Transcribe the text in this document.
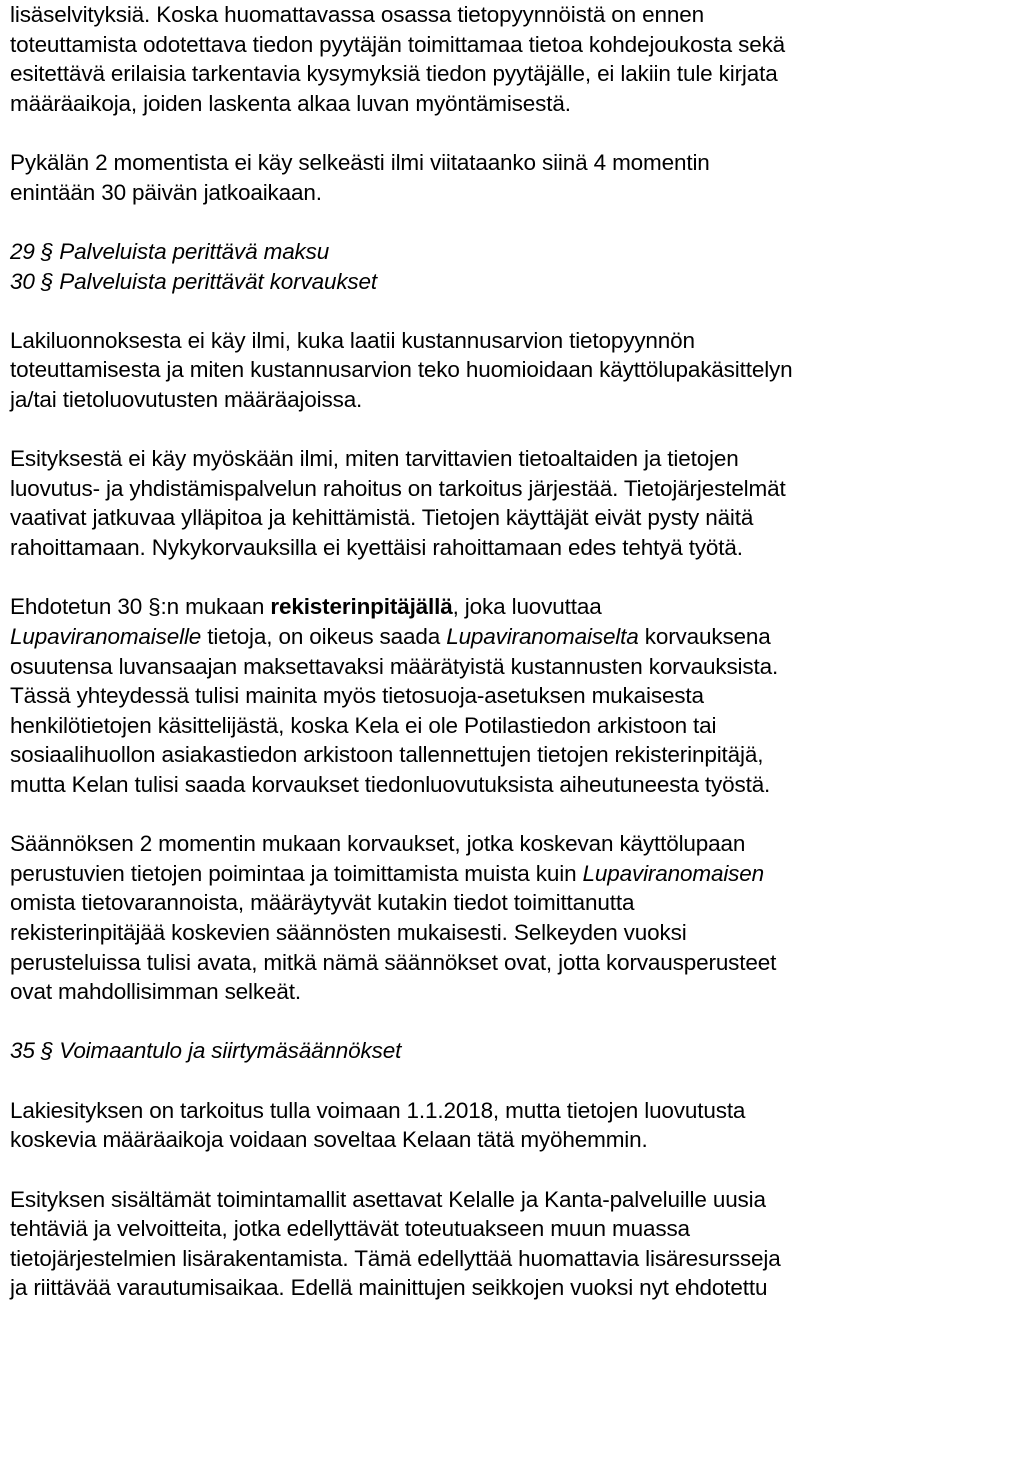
lisäselvityksiä. Koska huomattavassa osassa tietopyynnöistä on ennen
toteuttamista odotettava tiedon pyytäjän toimittamaa tietoa kohdejoukosta sekä
esitettävä erilaisia tarkentavia kysymyksiä tiedon pyytäjälle, ei lakiin tule kirjata
määräaikoja, joiden laskenta alkaa luvan myöntämisestä.
Pykälän 2 momentista ei käy selkeästi ilmi viitataanko siinä 4 momentin
enintään 30 päivän jatkoaikaan.
29 § Palveluista perittävä maksu
30 § Palveluista perittävät korvaukset
Lakiluonnoksesta ei käy ilmi, kuka laatii kustannusarvion tietopyynnön
toteuttamisesta ja miten kustannusarvion teko huomioidaan käyttölupakäsittelyn
ja/tai tietoluovutusten määräajoissa.
Esityksestä ei käy myöskään ilmi, miten tarvittavien tietoaltaiden ja tietojen
luovutus- ja yhdistämispalvelun rahoitus on tarkoitus järjestää. Tietojärjestelmät
vaativat jatkuvaa ylläpitoa ja kehittämistä. Tietojen käyttäjät eivät pysty näitä
rahoittamaan. Nykykorvauksilla ei kyettäisi rahoittamaan edes tehtyä työtä.
Ehdotetun 30 §:n mukaan rekisterinpitäjällä, joka luovuttaa
Lupaviranomaiselle tietoja, on oikeus saada Lupaviranomaiselta korvauksena
osuutensa luvansaajan maksettavaksi määrätyistä kustannusten korvauksista.
Tässä yhteydessä tulisi mainita myös tietosuoja-asetuksen mukaisesta
henkilötietojen käsittelijästä, koska Kela ei ole Potilastiedon arkistoon tai
sosiaalihuollon asiakastiedon arkistoon tallennettujen tietojen rekisterinpitäjä,
mutta Kelan tulisi saada korvaukset tiedonluovutuksista aiheutuneesta työstä.
Säännöksen 2 momentin mukaan korvaukset, jotka koskevan käyttölupaan
perustuvien tietojen poimintaa ja toimittamista muista kuin Lupaviranomaisen
omista tietovarannoista, määräytyvät kutakin tiedot toimittanutta
rekisterinpitäjää koskevien säännösten mukaisesti. Selkeyden vuoksi
perusteluissa tulisi avata, mitkä nämä säännökset ovat, jotta korvausperusteet
ovat mahdollisimman selkeät.
35 § Voimaantulo ja siirtymäsäännökset
Lakiesityksen on tarkoitus tulla voimaan 1.1.2018, mutta tietojen luovutusta
koskevia määräaikoja voidaan soveltaa Kelaan tätä myöhemmin.
Esityksen sisältämät toimintamallit asettavat Kelalle ja Kanta-palveluille uusia
tehtäviä ja velvoitteita, jotka edellyttävät toteutuakseen muun muassa
tietojärjestelmien lisärakentamista. Tämä edellyttää huomattavia lisäresursseja
ja riittävää varautumisaikaa. Edellä mainittujen seikkojen vuoksi nyt ehdotettu
